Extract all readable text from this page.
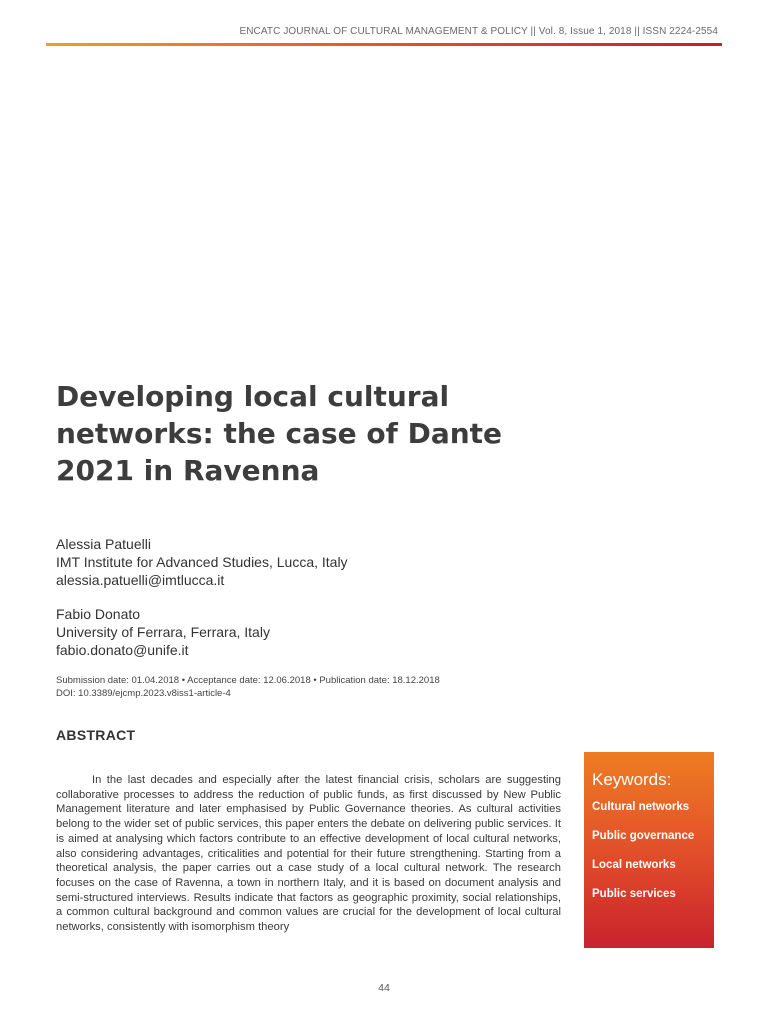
ENCATC JOURNAL OF CULTURAL MANAGEMENT & POLICY || Vol. 8, Issue 1, 2018 || ISSN 2224-2554
Developing local cultural networks: the case of Dante 2021 in Ravenna
Alessia Patuelli
IMT Institute for Advanced Studies, Lucca, Italy
alessia.patuelli@imtlucca.it
Fabio Donato
University of Ferrara, Ferrara, Italy
fabio.donato@unife.it
Submission date: 01.04.2018 • Acceptance date: 12.06.2018 • Publication date: 18.12.2018
DOI: 10.3389/ejcmp.2023.v8iss1-article-4
ABSTRACT

In the last decades and especially after the latest financial crisis, scholars are suggesting collaborative processes to address the reduction of public funds, as first discussed by New Public Management literature and later emphasised by Public Governance theories. As cultural activities belong to the wider set of public services, this paper enters the debate on delivering public services. It is aimed at analysing which factors contribute to an effective development of local cultural networks, also considering advantages, criticalities and potential for their future strengthening. Starting from a theoretical analysis, the paper carries out a case study of a local cultural network. The research focuses on the case of Ravenna, a town in northern Italy, and it is based on document analysis and semi-structured interviews. Results indicate that factors as geographic proximity, social relationships, a common cultural background and common values are crucial for the development of local cultural networks, consistently with isomorphism theory

Keywords:
Cultural networks
Public governance
Local networks
Public services
44
